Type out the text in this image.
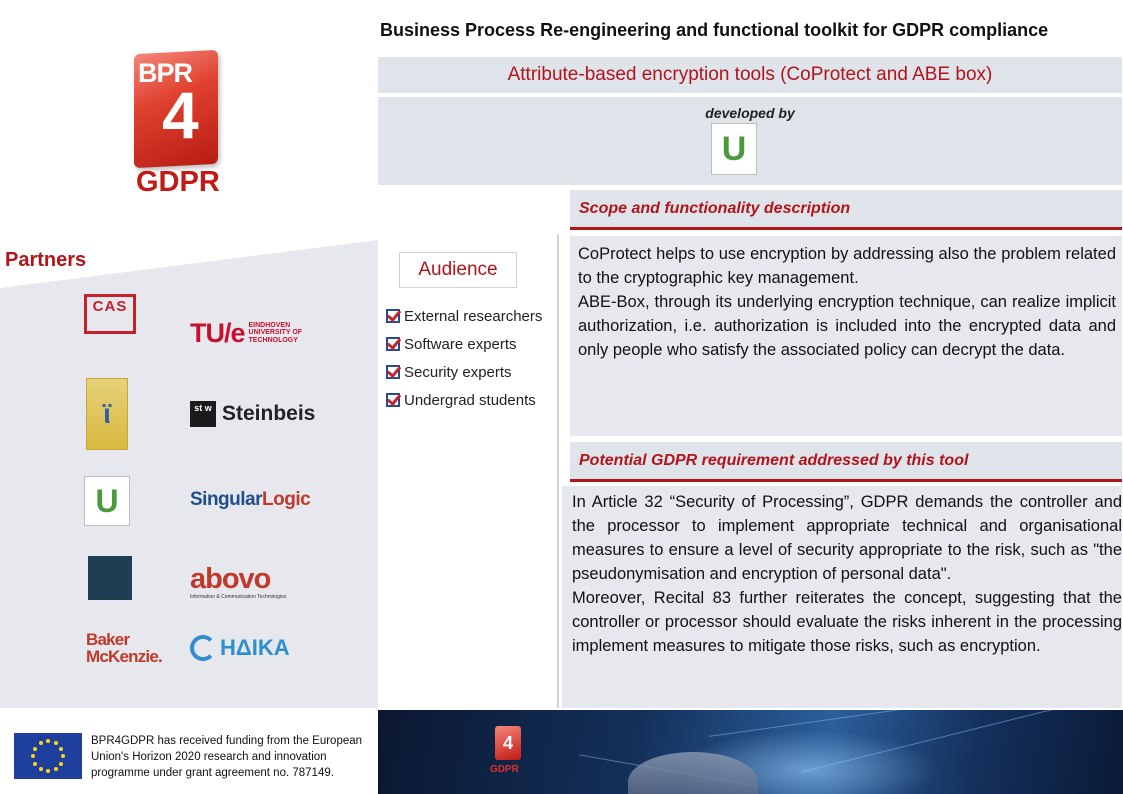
BPR
4
GDPR
Partners
CAS
TU/e EINDHOVEN UNIVERSITY OF TECHNOLOGY
ϊ	st w Steinbeis
U	Singular Logic
abovo
Information & Communication Technologies
Baker
McKenzie.	ΗΔΙΚΑ
Business Process Re-engineering and functional toolkit for GDPR compliance
Attribute-based encryption tools (CoProtect and ABE box)
developed by
U
Audience
External researchers
Software experts
Security experts
Undergrad students
Scope and functionality description

CoProtect helps to use encryption by addressing also the problem related to the cryptographic key management.

ABE-Box, through its underlying encryption technique, can realize implicit authorization, i.e. authorization is included into the encrypted data and only people who satisfy the associated policy can decrypt the data.

Potential GDPR requirement addressed by this tool

In Article 32 “Security of Processing”, GDPR demands the controller and the processor to implement appropriate technical and organisational measures to ensure a level of security appropriate to the risk, such as "the pseudonymisation and encryption of personal data".

Moreover, Recital 83 further reiterates the concept, suggesting that the controller or processor should evaluate the risks inherent in the processing implement measures to mitigate those risks, such as encryption.

BPR4GDPR has received funding from the European Union's Horizon 2020 research and innovation programme under grant agreement no. 787149.
4
GDPR
